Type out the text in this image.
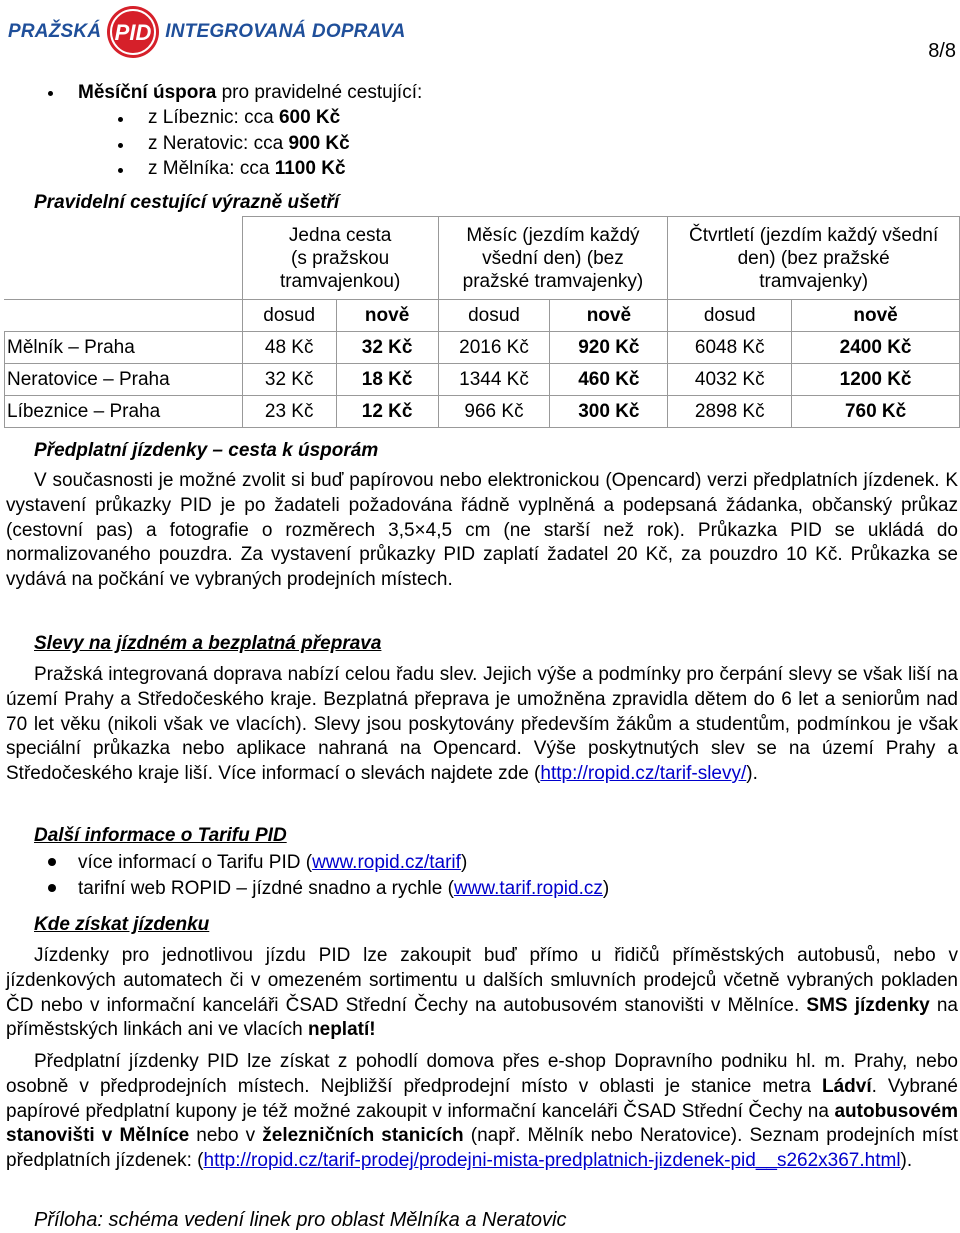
PRAŽSKÁ PID INTEGROVANÁ DOPRAVA
8/8
Měsíční úspora pro pravidelné cestující:
z Líbeznic: cca 600 Kč
z Neratovic: cca 900 Kč
z Mělníka: cca 1100 Kč
Pravidelní cestující výrazně ušetří
	Jedna cesta
(s pražskou
tramvajenkou)		Měsíc (jezdím každý
všední den) (bez
pražské tramvajenky)		Čtvrtletí (jezdím každý všední
den) (bez pražské
tramvajenky)	
	dosud	nově	dosud	nově	dosud	nově
Mělník – Praha	48 Kč	32 Kč	2016 Kč	920 Kč	6048 Kč	2400 Kč
Neratovice – Praha	32 Kč	18 Kč	1344 Kč	460 Kč	4032 Kč	1200 Kč
Líbeznice – Praha	23 Kč	12 Kč	966 Kč	300 Kč	2898 Kč	760 Kč
Předplatní jízdenky – cesta k úsporám
V současnosti je možné zvolit si buď papírovou nebo elektronickou (Opencard) verzi předplatních jízdenek. K vystavení průkazky PID je po žadateli požadována řádně vyplněná a podepsaná žádanka, občanský průkaz (cestovní pas) a fotografie o rozměrech 3,5×4,5 cm (ne starší než rok). Průkazka PID se ukládá do normalizovaného pouzdra. Za vystavení průkazky PID zaplatí žadatel 20 Kč, za pouzdro 10 Kč. Průkazka se vydává na počkání ve vybraných prodejních místech.
Slevy na jízdném a bezplatná přeprava
Pražská integrovaná doprava nabízí celou řadu slev. Jejich výše a podmínky pro čerpání slevy se však liší na území Prahy a Středočeského kraje. Bezplatná přeprava je umožněna zpravidla dětem do 6 let a seniorům nad 70 let věku (nikoli však ve vlacích). Slevy jsou poskytovány především žákům a studentům, podmínkou je však speciální průkazka nebo aplikace nahraná na Opencard. Výše poskytnutých slev se na území Prahy a Středočeského kraje liší. Více informací o slevách najdete zde (http://ropid.cz/tarif-slevy/).
Další informace o Tarifu PID
více informací o Tarifu PID (www.ropid.cz/tarif)
tarifní web ROPID – jízdné snadno a rychle (www.tarif.ropid.cz)
Kde získat jízdenku
Jízdenky pro jednotlivou jízdu PID lze zakoupit buď přímo u řidičů příměstských autobusů, nebo v jízdenkových automatech či v omezeném sortimentu u dalších smluvních prodejců včetně vybraných pokladen ČD nebo v informační kanceláři ČSAD Střední Čechy na autobusovém stanovišti v Mělníce. SMS jízdenky na příměstských linkách ani ve vlacích neplatí!
Předplatní jízdenky PID lze získat z pohodlí domova přes e-shop Dopravního podniku hl. m. Prahy, nebo osobně v předprodejních místech. Nejbližší předprodejní místo v oblasti je stanice metra Ládví. Vybrané papírové předplatní kupony je též možné zakoupit v informační kanceláři ČSAD Střední Čechy na autobusovém stanovišti v Mělníce nebo v železničních stanicích (např. Mělník nebo Neratovice). Seznam prodejních míst předplatních jízdenek: (http://ropid.cz/tarif-prodej/prodejni-mista-predplatnich-jizdenek-pid__s262x367.html).
Příloha: schéma vedení linek pro oblast Mělníka a Neratovic
